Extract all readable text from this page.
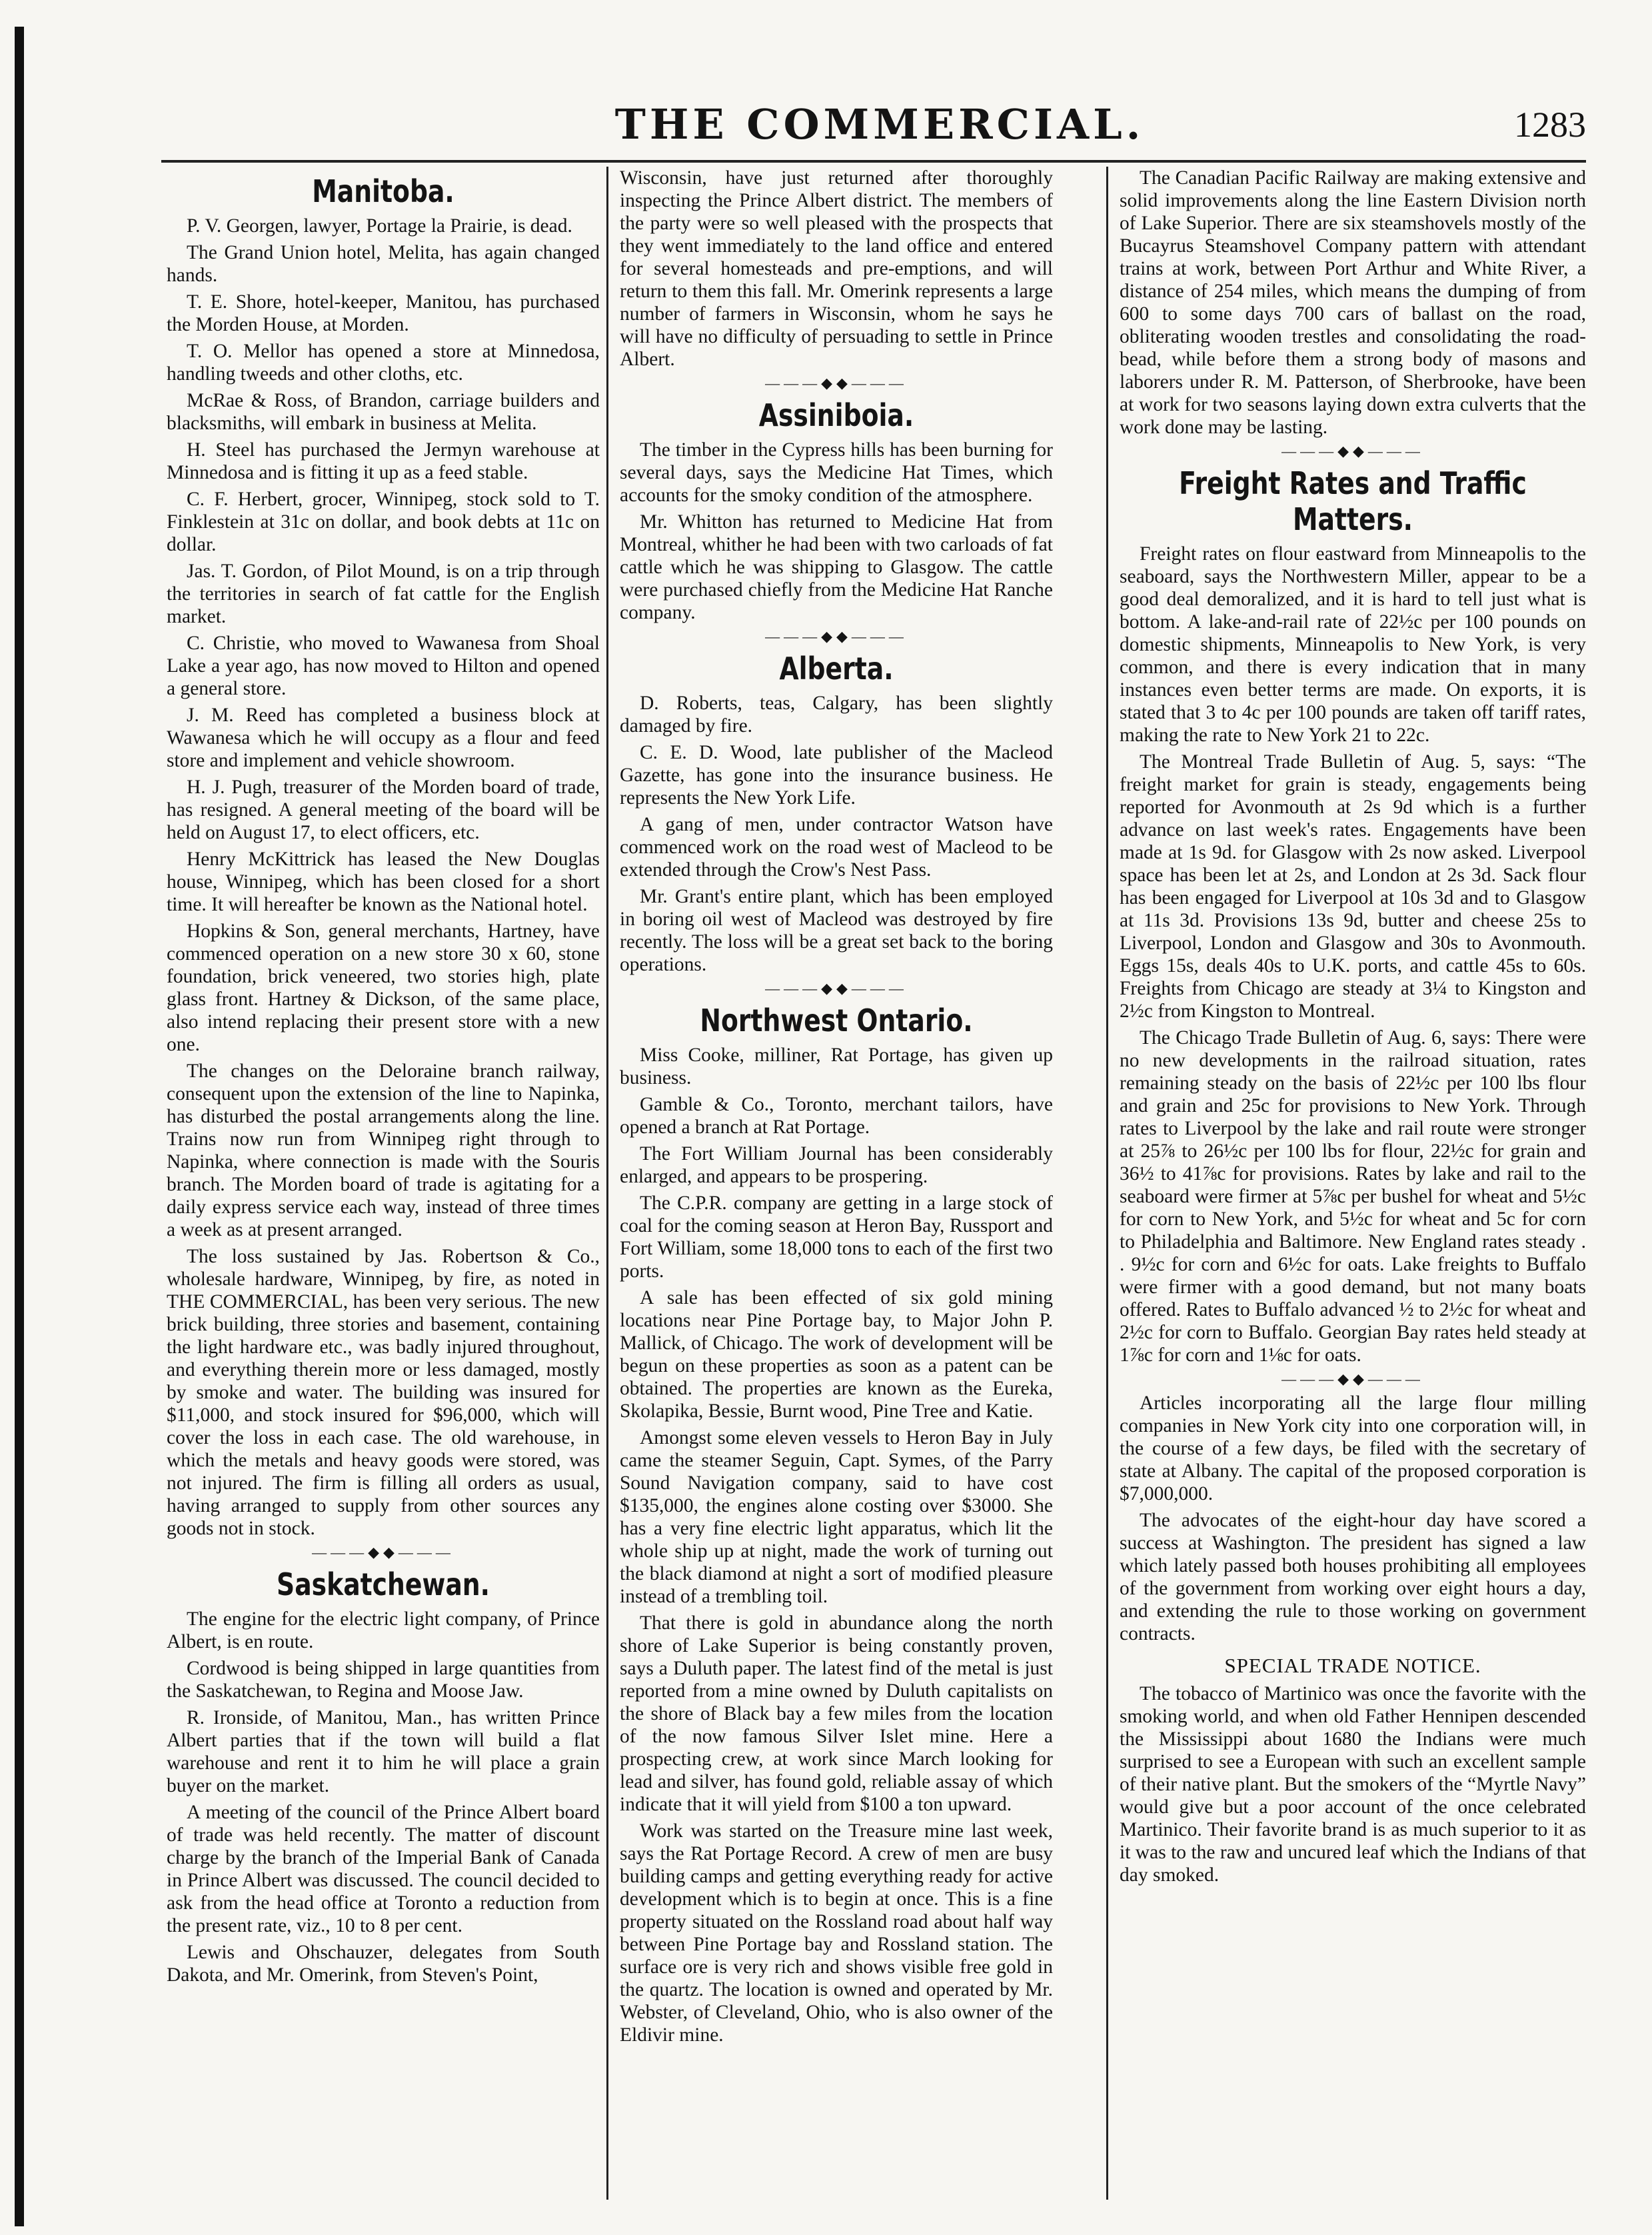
THE COMMERCIAL.	1283
Manitoba.

P. V. Georgen, lawyer, Portage la Prairie, is dead.

The Grand Union hotel, Melita, has again changed hands.

T. E. Shore, hotel-keeper, Manitou, has purchased the Morden House, at Morden.

T. O. Mellor has opened a store at Minnedosa, handling tweeds and other cloths, etc.

McRae & Ross, of Brandon, carriage builders and blacksmiths, will embark in business at Melita.

H. Steel has purchased the Jermyn warehouse at Minnedosa and is fitting it up as a feed stable.

C. F. Herbert, grocer, Winnipeg, stock sold to T. Finklestein at 31c on dollar, and book debts at 11c on dollar.

Jas. T. Gordon, of Pilot Mound, is on a trip through the territories in search of fat cattle for the English market.

C. Christie, who moved to Wawanesa from Shoal Lake a year ago, has now moved to Hilton and opened a general store.

J. M. Reed has completed a business block at Wawanesa which he will occupy as a flour and feed store and implement and vehicle showroom.

H. J. Pugh, treasurer of the Morden board of trade, has resigned. A general meeting of the board will be held on August 17, to elect officers, etc.

Henry McKittrick has leased the New Douglas house, Winnipeg, which has been closed for a short time. It will hereafter be known as the National hotel.

Hopkins & Son, general merchants, Hartney, have commenced operation on a new store 30 x 60, stone foundation, brick veneered, two stories high, plate glass front. Hartney & Dickson, of the same place, also intend replacing their present store with a new one.

The changes on the Deloraine branch railway, consequent upon the extension of the line to Napinka, has disturbed the postal arrangements along the line. Trains now run from Winnipeg right through to Napinka, where connection is made with the Souris branch. The Morden board of trade is agitating for a daily express service each way, instead of three times a week as at present arranged.

The loss sustained by Jas. Robertson & Co., wholesale hardware, Winnipeg, by fire, as noted in THE COMMERCIAL, has been very serious. The new brick building, three stories and basement, containing the light hardware etc., was badly injured throughout, and everything therein more or less damaged, mostly by smoke and water. The building was insured for $11,000, and stock insured for $96,000, which will cover the loss in each case. The old warehouse, in which the metals and heavy goods were stored, was not injured. The firm is filling all orders as usual, having arranged to supply from other sources any goods not in stock.

———◆◆———
Saskatchewan.

The engine for the electric light company, of Prince Albert, is en route.

Cordwood is being shipped in large quantities from the Saskatchewan, to Regina and Moose Jaw.

R. Ironside, of Manitou, Man., has written Prince Albert parties that if the town will build a flat warehouse and rent it to him he will place a grain buyer on the market.

A meeting of the council of the Prince Albert board of trade was held recently. The matter of discount charge by the branch of the Imperial Bank of Canada in Prince Albert was discussed. The council decided to ask from the head office at Toronto a reduction from the present rate, viz., 10 to 8 per cent.

Lewis and Ohschauzer, delegates from South Dakota, and Mr. Omerink, from Steven's Point,

Wisconsin, have just returned after thoroughly inspecting the Prince Albert district. The members of the party were so well pleased with the prospects that they went immediately to the land office and entered for several homesteads and pre-emptions, and will return to them this fall. Mr. Omerink represents a large number of farmers in Wisconsin, whom he says he will have no difficulty of persuading to settle in Prince Albert.

———◆◆———
Assiniboia.

The timber in the Cypress hills has been burning for several days, says the Medicine Hat Times, which accounts for the smoky condition of the atmosphere.

Mr. Whitton has returned to Medicine Hat from Montreal, whither he had been with two carloads of fat cattle which he was shipping to Glasgow. The cattle were purchased chiefly from the Medicine Hat Ranche company.

———◆◆———
Alberta.

D. Roberts, teas, Calgary, has been slightly damaged by fire.

C. E. D. Wood, late publisher of the Macleod Gazette, has gone into the insurance business. He represents the New York Life.

A gang of men, under contractor Watson have commenced work on the road west of Macleod to be extended through the Crow's Nest Pass.

Mr. Grant's entire plant, which has been employed in boring oil west of Macleod was destroyed by fire recently. The loss will be a great set back to the boring operations.

———◆◆———
Northwest Ontario.

Miss Cooke, milliner, Rat Portage, has given up business.

Gamble & Co., Toronto, merchant tailors, have opened a branch at Rat Portage.

The Fort William Journal has been considerably enlarged, and appears to be prospering.

The C.P.R. company are getting in a large stock of coal for the coming season at Heron Bay, Russport and Fort William, some 18,000 tons to each of the first two ports.

A sale has been effected of six gold mining locations near Pine Portage bay, to Major John P. Mallick, of Chicago. The work of development will be begun on these properties as soon as a patent can be obtained. The properties are known as the Eureka, Skolapika, Bessie, Burnt wood, Pine Tree and Katie.

Amongst some eleven vessels to Heron Bay in July came the steamer Seguin, Capt. Symes, of the Parry Sound Navigation company, said to have cost $135,000, the engines alone costing over $3000. She has a very fine electric light apparatus, which lit the whole ship up at night, made the work of turning out the black diamond at night a sort of modified pleasure instead of a trembling toil.

That there is gold in abundance along the north shore of Lake Superior is being constantly proven, says a Duluth paper. The latest find of the metal is just reported from a mine owned by Duluth capitalists on the shore of Black bay a few miles from the location of the now famous Silver Islet mine. Here a prospecting crew, at work since March looking for lead and silver, has found gold, reliable assay of which indicate that it will yield from $100 a ton upward.

Work was started on the Treasure mine last week, says the Rat Portage Record. A crew of men are busy building camps and getting everything ready for active development which is to begin at once. This is a fine property situated on the Rossland road about half way between Pine Portage bay and Rossland station. The surface ore is very rich and shows visible free gold in the quartz. The location is owned and operated by Mr. Webster, of Cleveland, Ohio, who is also owner of the Eldivir mine.

The Canadian Pacific Railway are making extensive and solid improvements along the line Eastern Division north of Lake Superior. There are six steamshovels mostly of the Bucayrus Steamshovel Company pattern with attendant trains at work, between Port Arthur and White River, a distance of 254 miles, which means the dumping of from 600 to some days 700 cars of ballast on the road, obliterating wooden trestles and consolidating the road-bead, while before them a strong body of masons and laborers under R. M. Patterson, of Sherbrooke, have been at work for two seasons laying down extra culverts that the work done may be lasting.

———◆◆———
Freight Rates and Traffic Matters.

Freight rates on flour eastward from Minneapolis to the seaboard, says the Northwestern Miller, appear to be a good deal demoralized, and it is hard to tell just what is bottom. A lake-and-rail rate of 22½c per 100 pounds on domestic shipments, Minneapolis to New York, is very common, and there is every indication that in many instances even better terms are made. On exports, it is stated that 3 to 4c per 100 pounds are taken off tariff rates, making the rate to New York 21 to 22c.

The Montreal Trade Bulletin of Aug. 5, says: “The freight market for grain is steady, engagements being reported for Avonmouth at 2s 9d which is a further advance on last week's rates. Engagements have been made at 1s 9d. for Glasgow with 2s now asked. Liverpool space has been let at 2s, and London at 2s 3d. Sack flour has been engaged for Liverpool at 10s 3d and to Glasgow at 11s 3d. Provisions 13s 9d, butter and cheese 25s to Liverpool, London and Glasgow and 30s to Avonmouth. Eggs 15s, deals 40s to U.K. ports, and cattle 45s to 60s. Freights from Chicago are steady at 3¼ to Kingston and 2½c from Kingston to Montreal.

The Chicago Trade Bulletin of Aug. 6, says: There were no new developments in the railroad situation, rates remaining steady on the basis of 22½c per 100 lbs flour and grain and 25c for provisions to New York. Through rates to Liverpool by the lake and rail route were stronger at 25⅞ to 26½c per 100 lbs for flour, 22½c for grain and 36½ to 41⅞c for provisions. Rates by lake and rail to the seaboard were firmer at 5⅞c per bushel for wheat and 5½c for corn to New York, and 5½c for wheat and 5c for corn to Philadelphia and Baltimore. New England rates steady . . 9½c for corn and 6½c for oats. Lake freights to Buffalo were firmer with a good demand, but not many boats offered. Rates to Buffalo advanced ½ to 2½c for wheat and 2½c for corn to Buffalo. Georgian Bay rates held steady at 1⅞c for corn and 1⅛c for oats.

———◆◆———

Articles incorporating all the large flour milling companies in New York city into one corporation will, in the course of a few days, be filed with the secretary of state at Albany. The capital of the proposed corporation is $7,000,000.

The advocates of the eight-hour day have scored a success at Washington. The president has signed a law which lately passed both houses prohibiting all employees of the government from working over eight hours a day, and extending the rule to those working on government contracts.

SPECIAL TRADE NOTICE.

The tobacco of Martinico was once the favorite with the smoking world, and when old Father Hennipen descended the Mississippi about 1680 the Indians were much surprised to see a European with such an excellent sample of their native plant. But the smokers of the “Myrtle Navy” would give but a poor account of the once celebrated Martinico. Their favorite brand is as much superior to it as it was to the raw and uncured leaf which the Indians of that day smoked.
